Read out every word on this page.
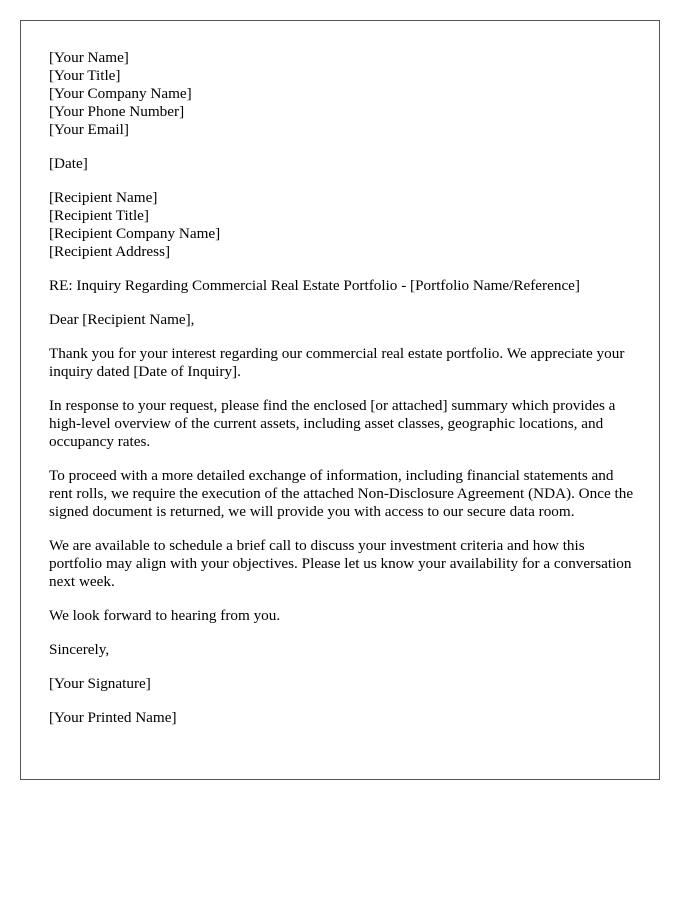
[Your Name]
[Your Title]
[Your Company Name]
[Your Phone Number]
[Your Email]
[Date]
[Recipient Name]
[Recipient Title]
[Recipient Company Name]
[Recipient Address]
RE: Inquiry Regarding Commercial Real Estate Portfolio - [Portfolio Name/Reference]
Dear [Recipient Name],

Thank you for your interest regarding our commercial real estate portfolio. We appreciate your inquiry dated [Date of Inquiry].

In response to your request, please find the enclosed [or attached] summary which provides a high-level overview of the current assets, including asset classes, geographic locations, and occupancy rates.

To proceed with a more detailed exchange of information, including financial statements and rent rolls, we require the execution of the attached Non-Disclosure Agreement (NDA). Once the signed document is returned, we will provide you with access to our secure data room.

We are available to schedule a brief call to discuss your investment criteria and how this portfolio may align with your objectives. Please let us know your availability for a conversation next week.

We look forward to hearing from you.

Sincerely,
[Your Signature]
[Your Printed Name]
